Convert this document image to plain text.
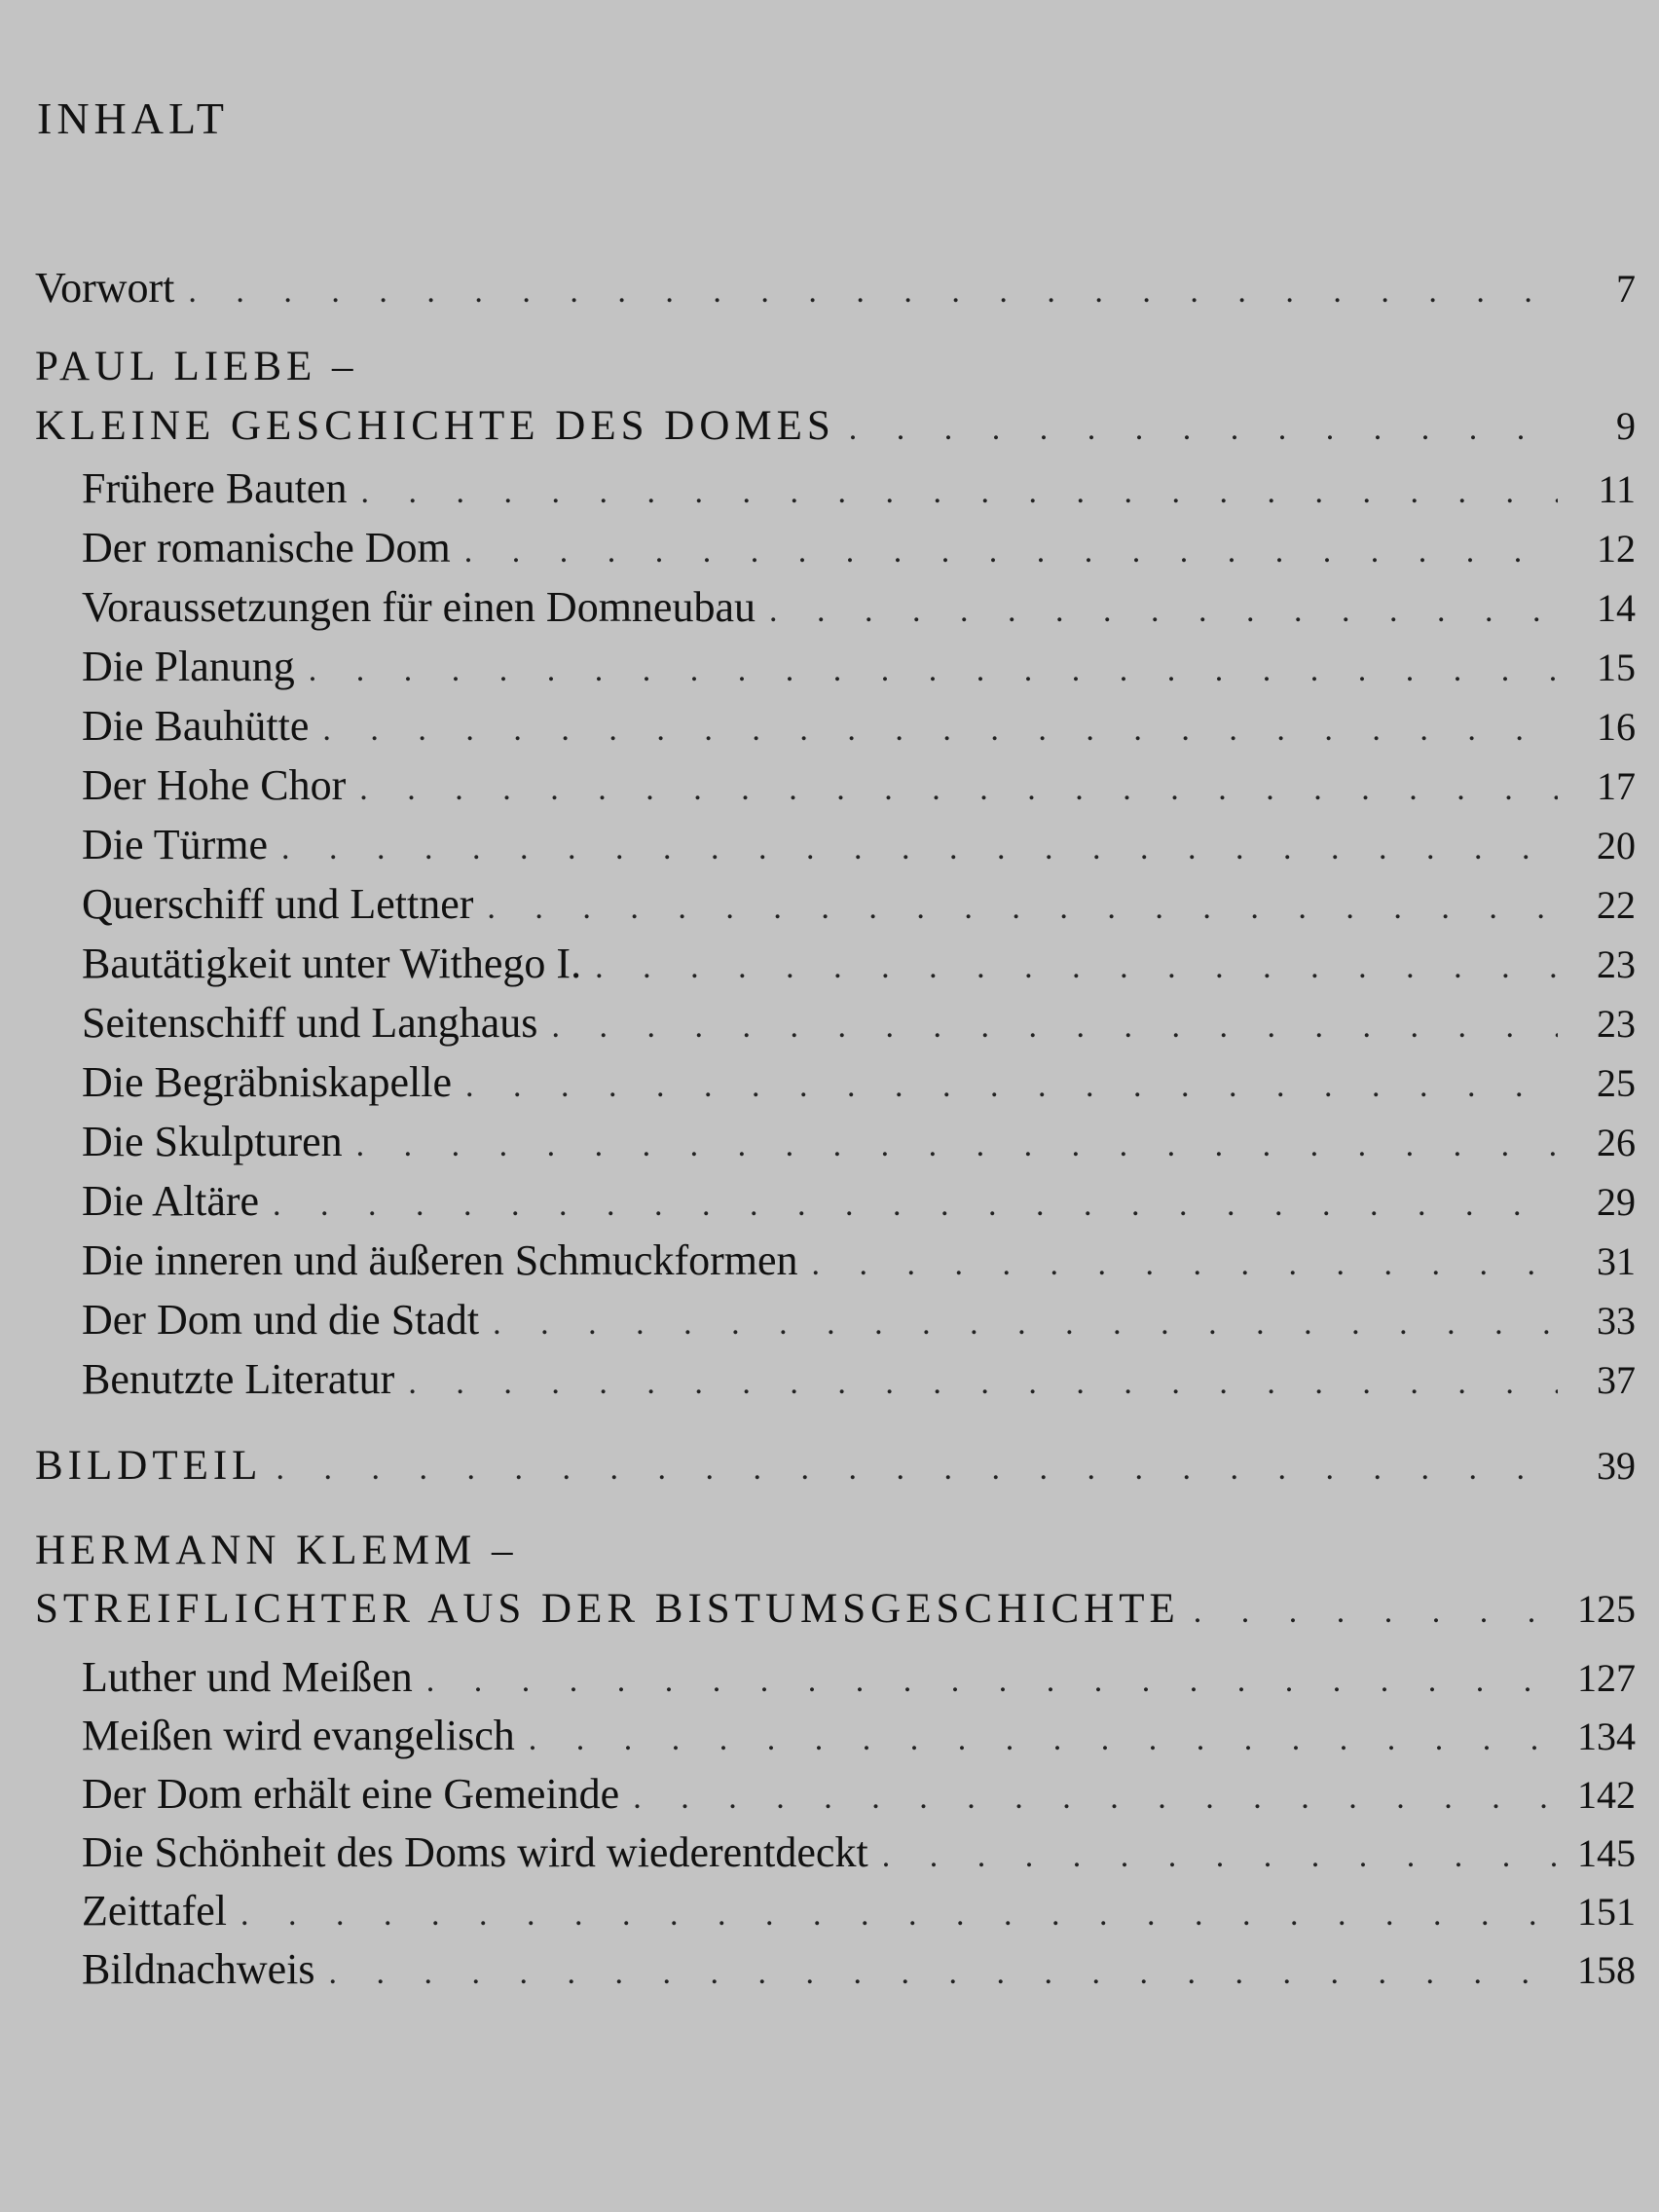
INHALT
Vorwort . . .	7
PAUL LIEBE –
KLEINE GESCHICHTE DES DOMES . . .	9
Frühere Bauten . . .	11
Der romanische Dom . . .	12
Voraussetzungen für einen Domneubau . . .	14
Die Planung . . .	15
Die Bauhütte . . .	16
Der Hohe Chor . . .	17
Die Türme . . .	20
Querschiff und Lettner . . .	22
Bautätigkeit unter Withego I. . . .	23
Seitenschiff und Langhaus . . .	23
Die Begräbniskapelle . . .	25
Die Skulpturen . . .	26
Die Altäre . . .	29
Die inneren und äußeren Schmuckformen . . .	31
Der Dom und die Stadt . . .	33
Benutzte Literatur . . .	37
BILDTEIL . . .	39
HERMANN KLEMM –
STREIFLICHTER AUS DER BISTUMSGESCHICHTE . . .	125
Luther und Meißen . . .	127
Meißen wird evangelisch . . .	134
Der Dom erhält eine Gemeinde . . .	142
Die Schönheit des Doms wird wiederentdeckt . . .	145
Zeittafel . . .	151
Bildnachweis . . .	158
